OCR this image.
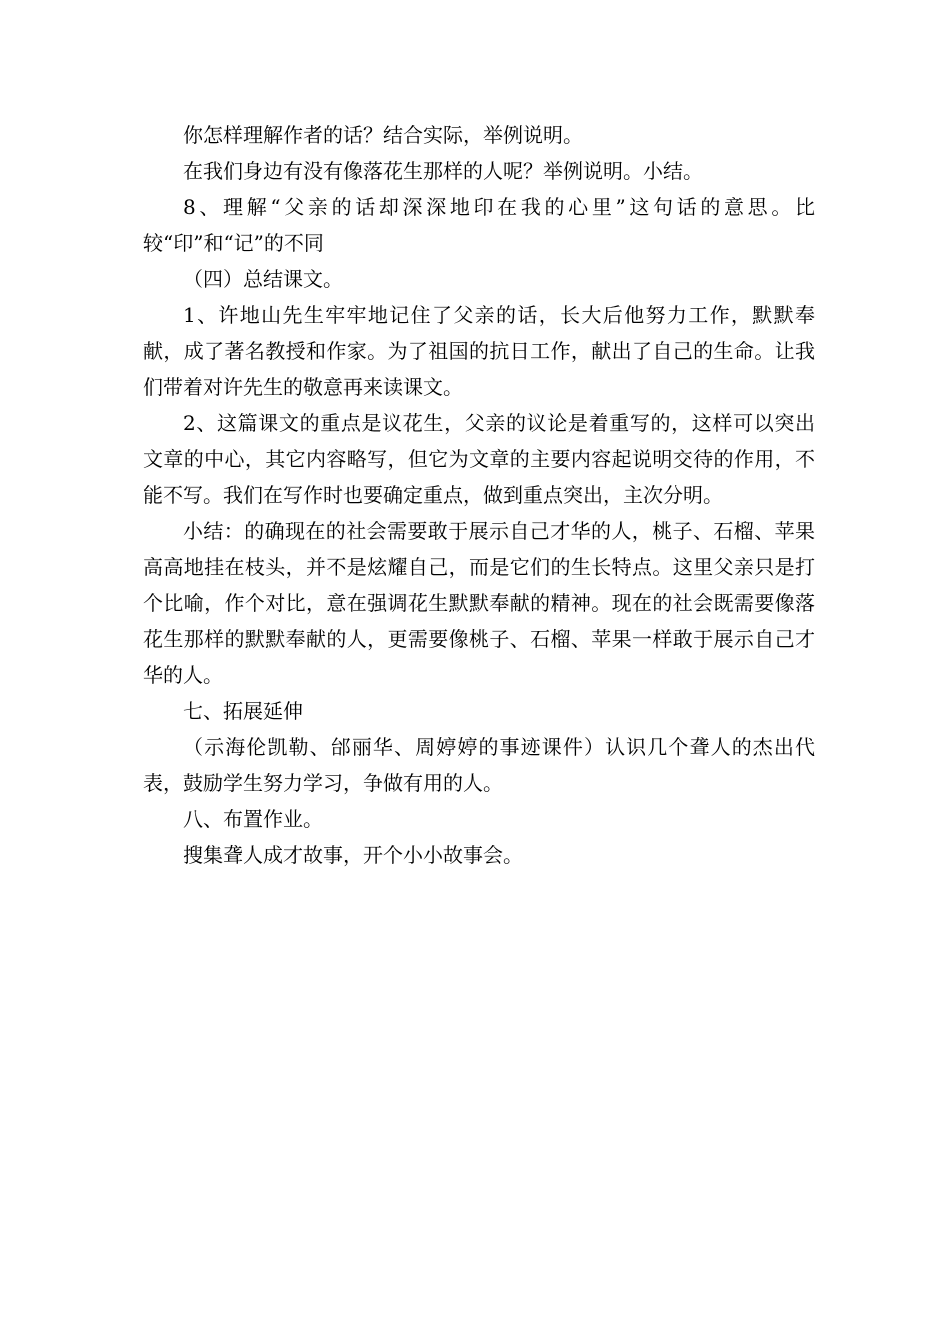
你怎样理解作者的话？结合实际，举例说明。

在我们身边有没有像落花生那样的人呢？举例说明。小结。

8、理解“父亲的话却深深地印在我的心里”这句话的意思。比较“印”和“记”的不同

（四）总结课文。

1、许地山先生牢牢地记住了父亲的话，长大后他努力工作，默默奉献，成了著名教授和作家。为了祖国的抗日工作，献出了自己的生命。让我们带着对许先生的敬意再来读课文。

2、这篇课文的重点是议花生，父亲的议论是着重写的，这样可以突出文章的中心，其它内容略写，但它为文章的主要内容起说明交待的作用，不能不写。我们在写作时也要确定重点，做到重点突出，主次分明。

小结：的确现在的社会需要敢于展示自己才华的人，桃子、石榴、苹果高高地挂在枝头，并不是炫耀自己，而是它们的生长特点。这里父亲只是打个比喻，作个对比，意在强调花生默默奉献的精神。现在的社会既需要像落花生那样的默默奉献的人，更需要像桃子、石榴、苹果一样敢于展示自己才华的人。

七、拓展延伸

（示海伦凯勒、邰丽华、周婷婷的事迹课件）认识几个聋人的杰出代表，鼓励学生努力学习，争做有用的人。

八、布置作业。

搜集聋人成才故事，开个小小故事会。
